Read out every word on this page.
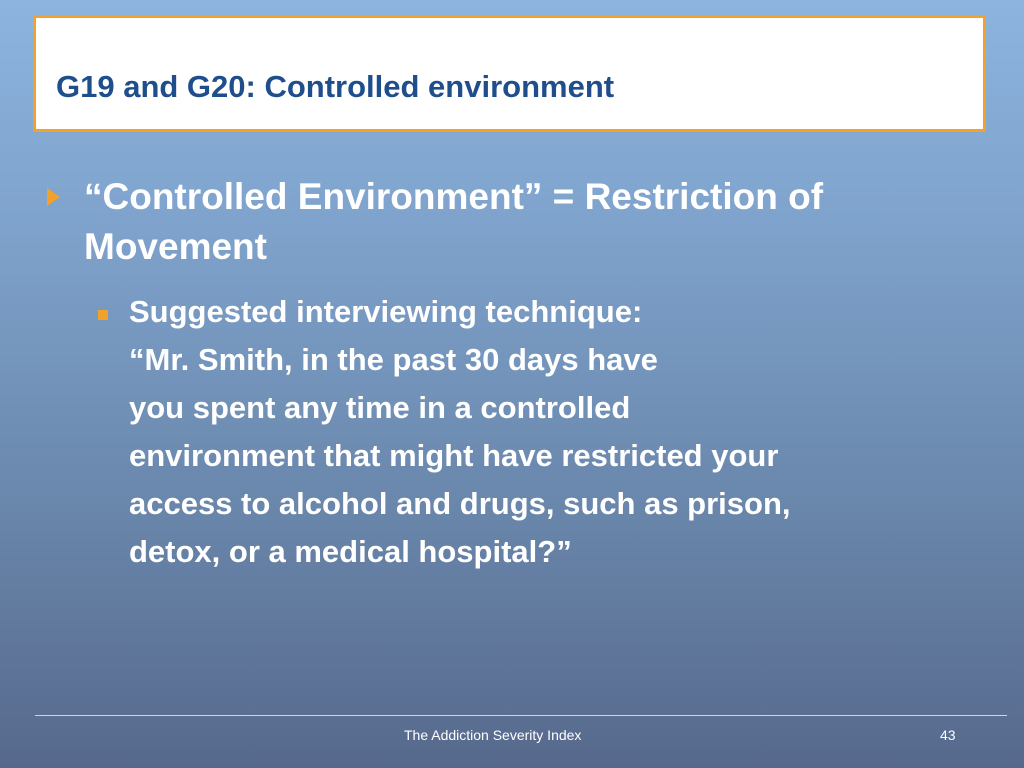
G19 and G20: Controlled environment

“Controlled Environment” = Restriction of Movement

Suggested interviewing technique:
“Mr. Smith, in the past 30 days have
you spent any time in a controlled
environment that might have restricted your
access to alcohol and drugs, such as prison,
detox, or a medical hospital?”

The Addiction Severity Index	43
